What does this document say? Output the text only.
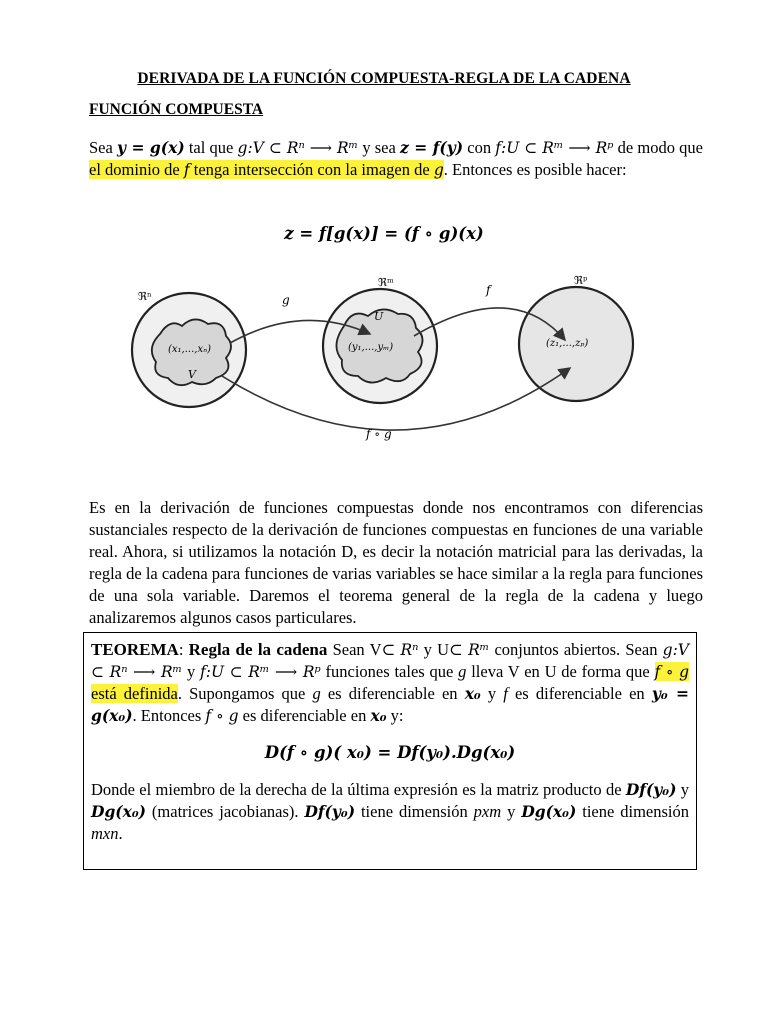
DERIVADA DE LA FUNCIÓN COMPUESTA-REGLA DE LA CADENA
FUNCIÓN COMPUESTA
Sea y = g(x) tal que g:V ⊂ Rⁿ ⟶ Rᵐ y sea z = f(y) con f:U ⊂ Rᵐ ⟶ Rᵖ de modo que el dominio de f tenga intersección con la imagen de g. Entonces es posible hacer:
z = f[g(x)] = (f ∘ g)(x)
ℜⁿ
ℜᵐ	ℜᵖ
g
f
f ∘ g
V
U
(x₁,...,xₙ)	(y₁,...,yₘ)	(z₁,...,zₚ)
Es en la derivación de funciones compuestas donde nos encontramos con diferencias sustanciales respecto de la derivación de funciones compuestas en funciones de una variable real. Ahora, si utilizamos la notación D, es decir la notación matricial para las derivadas, la regla de la cadena para funciones de varias variables se hace similar a la regla para funciones de una sola variable. Daremos el teorema general de la regla de la cadena y luego analizaremos algunos casos particulares.
TEOREMA: Regla de la cadena Sean V⊂ Rⁿ y U⊂ Rᵐ conjuntos abiertos. Sean g:V ⊂ Rⁿ ⟶ Rᵐ y f:U ⊂ Rᵐ ⟶ Rᵖ funciones tales que g lleva V en U de forma que f ∘ g está definida. Supongamos que g es diferenciable en x₀ y f es diferenciable en y₀ = g(x₀). Entonces f ∘ g es diferenciable en x₀ y:
D(f ∘ g)( x₀) = Df(y₀).Dg(x₀)
Donde el miembro de la derecha de la última expresión es la matriz producto de Df(y₀) y Dg(x₀) (matrices jacobianas). Df(y₀) tiene dimensión pxm y Dg(x₀) tiene dimensión mxn.
